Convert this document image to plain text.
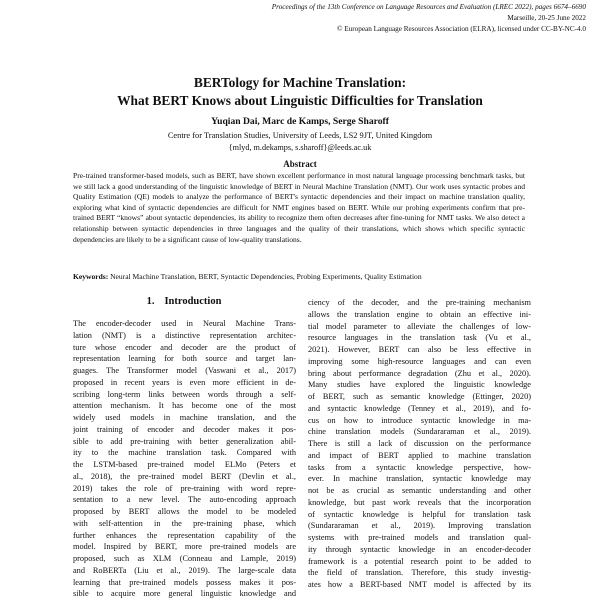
Proceedings of the 13th Conference on Language Resources and Evaluation (LREC 2022), pages 6674–6690
Marseille, 20-25 June 2022
© European Language Resources Association (ELRA), licensed under CC-BY-NC-4.0
BERTology for Machine Translation:
What BERT Knows about Linguistic Difficulties for Translation
Yuqian Dai, Marc de Kamps, Serge Sharoff
Centre for Translation Studies, University of Leeds, LS2 9JT, United Kingdom
{mlyd, m.dekamps, s.sharoff}@leeds.ac.uk
Abstract
Pre-trained transformer-based models, such as BERT, have shown excellent performance in most natural language processing benchmark tasks, but we still lack a good understanding of the linguistic knowledge of BERT in Neural Machine Translation (NMT). Our work uses syntactic probes and Quality Estimation (QE) models to analyze the performance of BERT's syntactic dependencies and their impact on machine translation quality, exploring what kind of syntactic dependencies are difficult for NMT engines based on BERT. While our probing experiments confirm that pre-trained BERT “knows” about syntactic dependencies, its ability to recognize them often decreases after fine-tuning for NMT tasks. We also detect a relationship between syntactic dependencies in three languages and the quality of their translations, which shows which specific syntactic dependencies are likely to be a significant cause of low-quality translations.
Keywords: Neural Machine Translation, BERT, Syntactic Dependencies, Probing Experiments, Quality Estimation
1. Introduction
The encoder-decoder used in Neural Machine Trans-
lation (NMT) is a distinctive representation architec-
ture whose encoder and decoder are the product of
representation learning for both source and target lan-
guages. The Transformer model (Vaswani et al., 2017)
proposed in recent years is even more efficient in de-
scribing long-term links between words through a self-
attention mechanism. It has become one of the most
widely used models in machine translation, and the
joint training of encoder and decoder makes it pos-
sible to add pre-training with better generalization abil-
ity to the machine translation task. Compared with
the LSTM-based pre-trained model ELMo (Peters et
al., 2018), the pre-trained model BERT (Devlin et al.,
2019) takes the role of pre-training with word repre-
sentation to a new level. The auto-encoding approach
proposed by BERT allows the model to be modeled
with self-attention in the pre-training phase, which
further enhances the representation capability of the
model. Inspired by BERT, more pre-trained models are
proposed, such as XLM (Conneau and Lample, 2019)
and RoBERTa (Liu et al., 2019). The large-scale data
learning that pre-trained models possess makes it pos-
sible to acquire more general linguistic knowledge and
ciency of the decoder, and the pre-training mechanism
allows the translation engine to obtain an effective ini-
tial model parameter to alleviate the challenges of low-
resource languages in the translation task (Vu et al.,
2021). However, BERT can also be less effective in
improving some high-resource languages and can even
bring about performance degradation (Zhu et al., 2020).
Many studies have explored the linguistic knowledge
of BERT, such as semantic knowledge (Ettinger, 2020)
and syntactic knowledge (Tenney et al., 2019), and fo-
cus on how to introduce syntactic knowledge in ma-
chine translation models (Sundararaman et al., 2019).
There is still a lack of discussion on the performance
and impact of BERT applied to machine translation
tasks from a syntactic knowledge perspective, how-
ever. In machine translation, syntactic knowledge may
not be as crucial as semantic understanding and other
knowledge, but past work reveals that the incorporation
of syntactic knowledge is helpful for translation task
(Sundararaman et al., 2019). Improving translation
systems with pre-trained models and translation qual-
ity through syntactic knowledge in an encoder-decoder
framework is a potential research point to be added to
the field of translation. Therefore, this study investig-
ates how a BERT-based NMT model is affected by its
